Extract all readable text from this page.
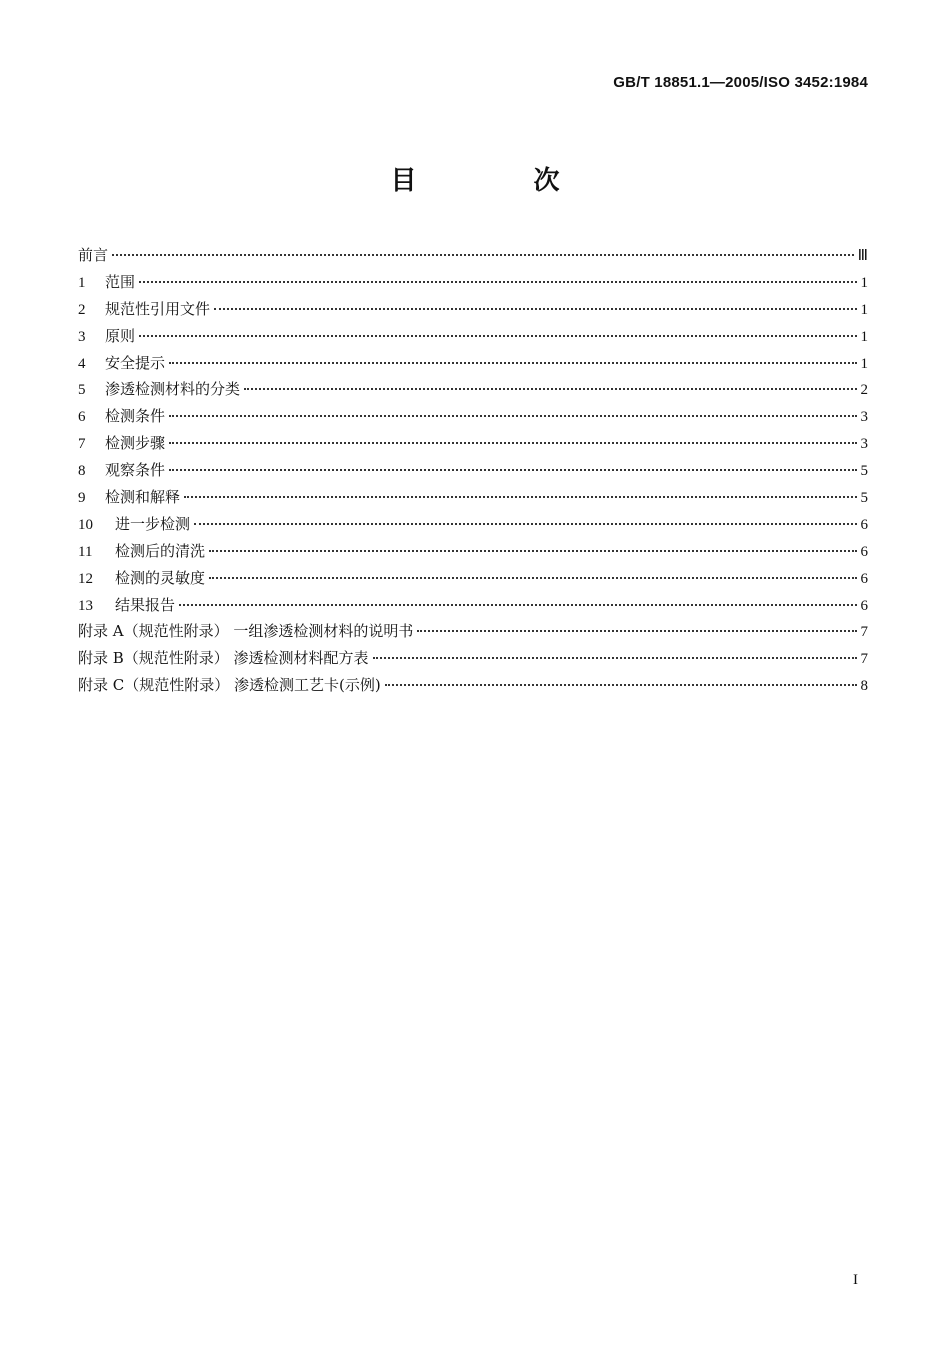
GB/T 18851.1—2005/ISO 3452:1984
目 次
前言	Ⅲ
1 范围	1
2 规范性引用文件	1
3 原则	1
4 安全提示	1
5 渗透检测材料的分类	2
6 检测条件	3
7 检测步骤	3
8 观察条件	5
9 检测和解释	5
10 进一步检测	6
11 检测后的清洗	6
12 检测的灵敏度	6
13 结果报告	6
附录 A（规范性附录） 一组渗透检测材料的说明书	7
附录 B（规范性附录） 渗透检测材料配方表	7
附录 C（规范性附录） 渗透检测工艺卡(示例)	8
I
